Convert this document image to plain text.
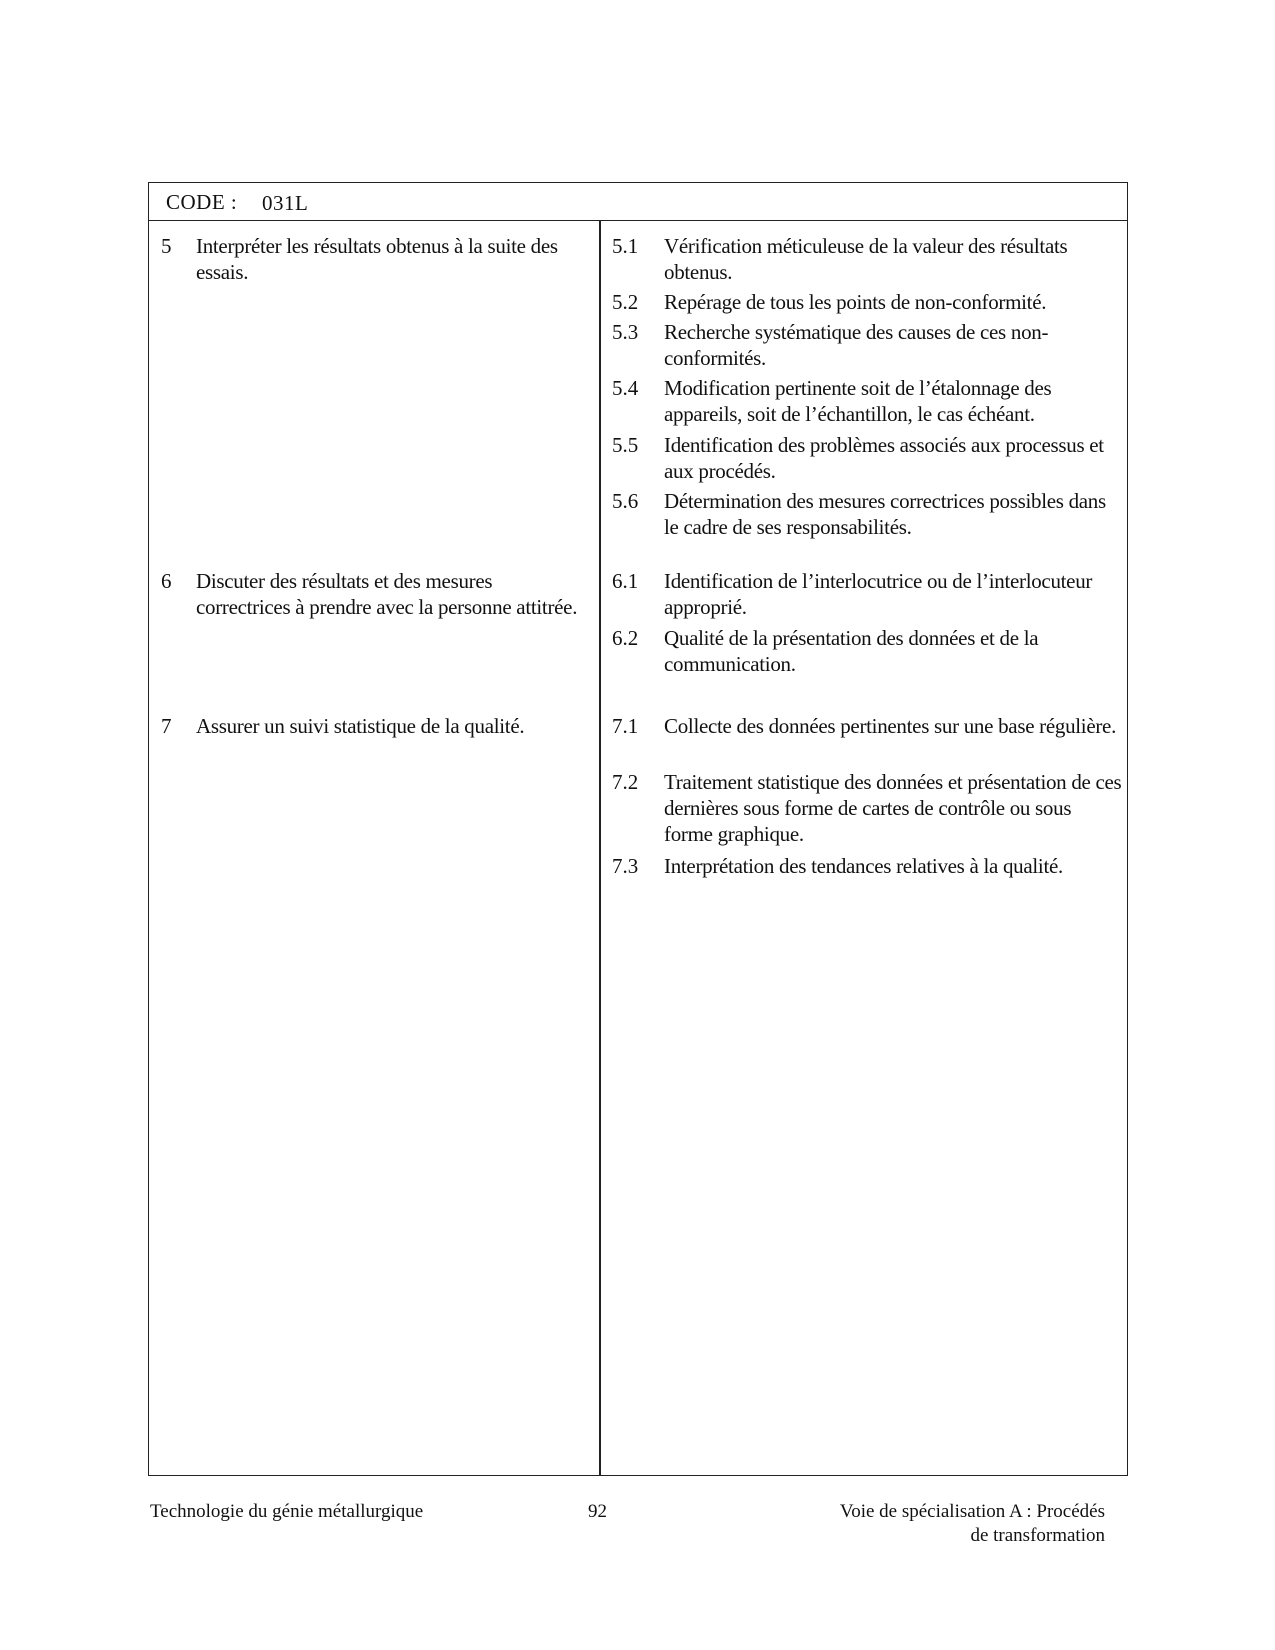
CODE : 031L
5 Interpréter les résultats obtenus à la suite des essais.
6 Discuter des résultats et des mesures correctrices à prendre avec la personne attitrée.
7 Assurer un suivi statistique de la qualité.
5.1 Vérification méticuleuse de la valeur des résultats obtenus.
5.2 Repérage de tous les points de non-conformité.
5.3 Recherche systématique des causes de ces non-conformités.
5.4 Modification pertinente soit de l’étalonnage des appareils, soit de l’échantillon, le cas échéant.
5.5 Identification des problèmes associés aux processus et aux procédés.
5.6 Détermination des mesures correctrices possibles dans le cadre de ses responsabilités.
6.1 Identification de l’interlocutrice ou de l’interlocuteur approprié.
6.2 Qualité de la présentation des données et de la communication.
7.1 Collecte des données pertinentes sur une base régulière.
7.2 Traitement statistique des données et présentation de ces dernières sous forme de cartes de contrôle ou sous forme graphique.
7.3 Interprétation des tendances relatives à la qualité.
Technologie du génie métallurgique	92	Voie de spécialisation A : Procédés
de transformation
